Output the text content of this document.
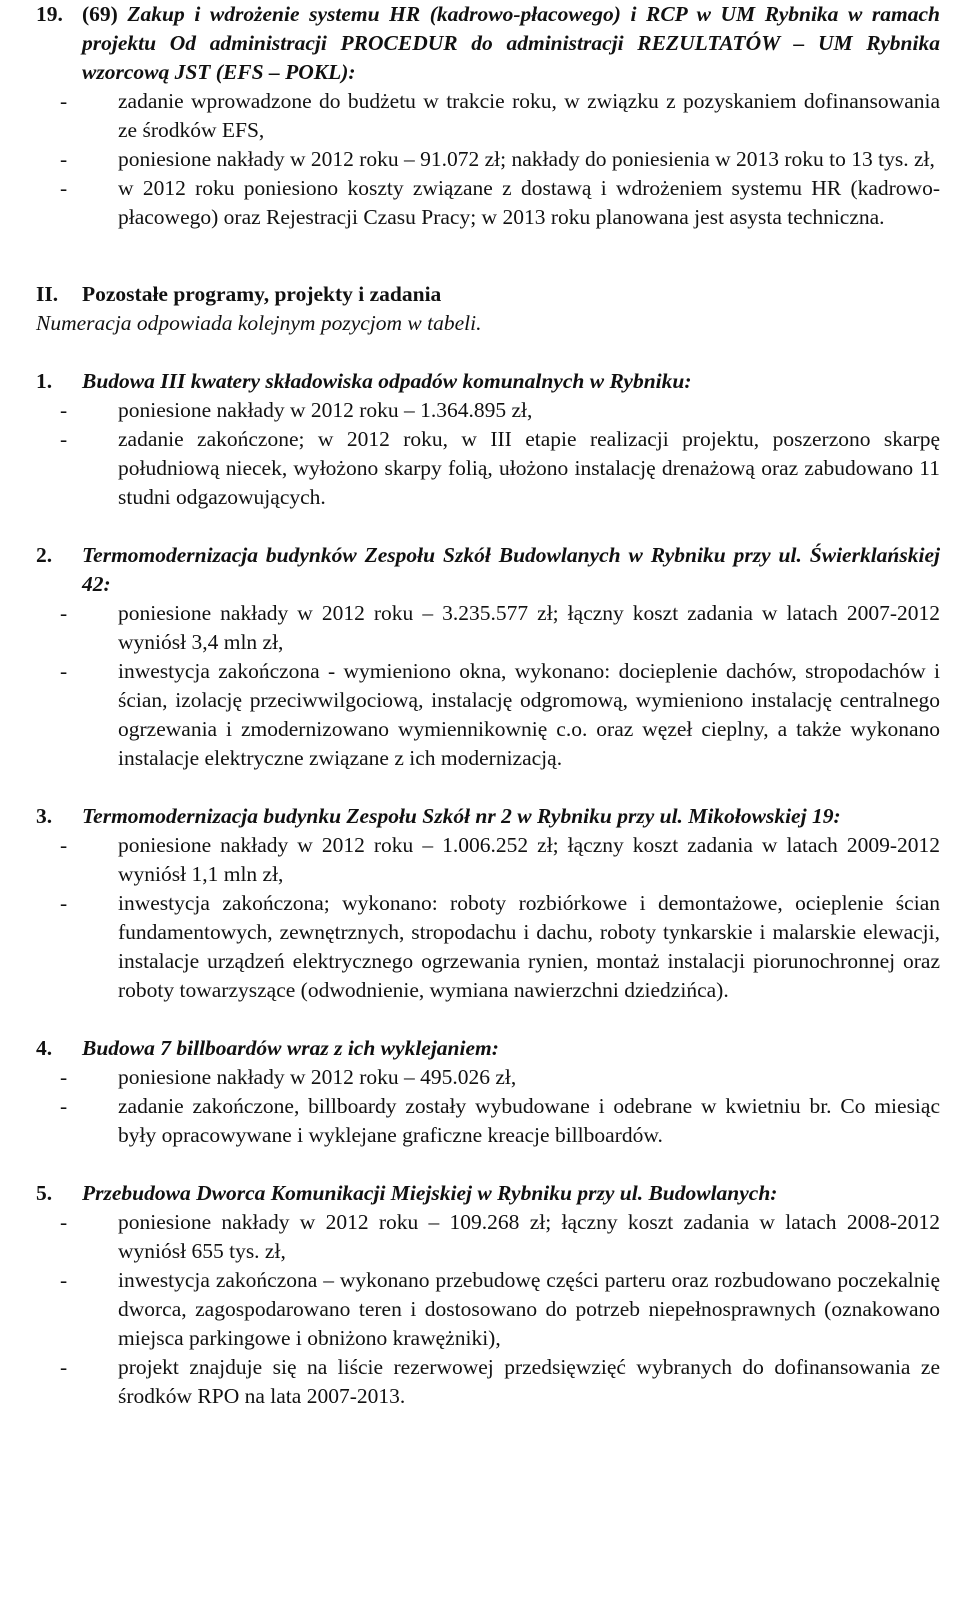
19. (69) Zakup i wdrożenie systemu HR (kadrowo-płacowego) i RCP w UM Rybnika w ramach projektu Od administracji PROCEDUR do administracji REZULTATÓW – UM Rybnika wzorcową JST (EFS – POKL):
- zadanie wprowadzone do budżetu w trakcie roku, w związku z pozyskaniem dofinansowania ze środków EFS,
- poniesione nakłady w 2012 roku – 91.072 zł; nakłady do poniesienia w 2013 roku to 13 tys. zł,
- w 2012 roku poniesiono koszty związane z dostawą i wdrożeniem systemu HR (kadrowo-płacowego) oraz Rejestracji Czasu Pracy; w 2013 roku planowana jest asysta techniczna.
II. Pozostałe programy, projekty i zadania
Numeracja odpowiada kolejnym pozycjom w tabeli.
1. Budowa III kwatery składowiska odpadów komunalnych w Rybniku:
- poniesione nakłady w 2012 roku – 1.364.895 zł,
- zadanie zakończone; w 2012 roku, w III etapie realizacji projektu, poszerzono skarpę południową niecek, wyłożono skarpy folią, ułożono instalację drenażową oraz zabudowano 11 studni odgazowujących.
2. Termomodernizacja budynków Zespołu Szkół Budowlanych w Rybniku przy ul. Świerklańskiej 42:
- poniesione nakłady w 2012 roku – 3.235.577 zł; łączny koszt zadania w latach 2007-2012 wyniósł 3,4 mln zł,
- inwestycja zakończona - wymieniono okna, wykonano: docieplenie dachów, stropodachów i ścian, izolację przeciwwilgociową, instalację odgromową, wymieniono instalację centralnego ogrzewania i zmodernizowano wymiennikownię c.o. oraz węzeł cieplny, a także wykonano instalacje elektryczne związane z ich modernizacją.
3. Termomodernizacja budynku Zespołu Szkół nr 2 w Rybniku przy ul. Mikołowskiej 19:
- poniesione nakłady w 2012 roku – 1.006.252 zł; łączny koszt zadania w latach 2009-2012 wyniósł 1,1 mln zł,
- inwestycja zakończona; wykonano: roboty rozbiórkowe i demontażowe, ocieplenie ścian fundamentowych, zewnętrznych, stropodachu i dachu, roboty tynkarskie i malarskie elewacji, instalacje urządzeń elektrycznego ogrzewania rynien, montaż instalacji piorunochronnej oraz roboty towarzyszące (odwodnienie, wymiana nawierzchni dziedzińca).
4. Budowa 7 billboardów wraz z ich wyklejaniem:
- poniesione nakłady w 2012 roku – 495.026 zł,
- zadanie zakończone, billboardy zostały wybudowane i odebrane w kwietniu br. Co miesiąc były opracowywane i wyklejane graficzne kreacje billboardów.
5. Przebudowa Dworca Komunikacji Miejskiej w Rybniku przy ul. Budowlanych:
- poniesione nakłady w 2012 roku – 109.268 zł; łączny koszt zadania w latach 2008-2012 wyniósł 655 tys. zł,
- inwestycja zakończona – wykonano przebudowę części parteru oraz rozbudowano poczekalnię dworca, zagospodarowano teren i dostosowano do potrzeb niepełnosprawnych (oznakowano miejsca parkingowe i obniżono krawężniki),
- projekt znajduje się na liście rezerwowej przedsięwzięć wybranych do dofinansowania ze środków RPO na lata 2007-2013.
